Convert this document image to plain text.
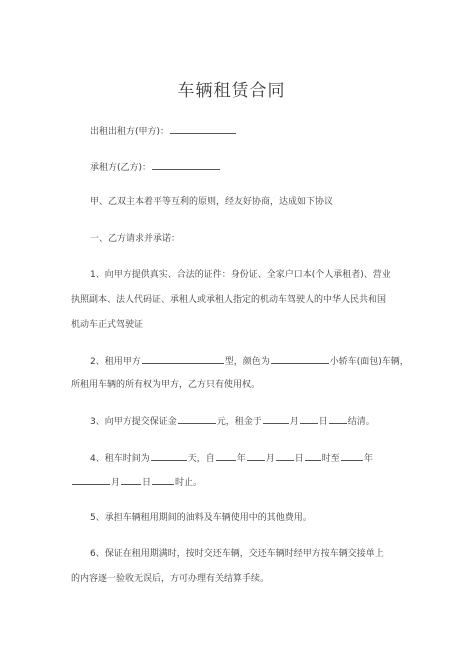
车辆租赁合同
出租出租方(甲方)：
承租方(乙方)：
甲、乙双主本着平等互利的原则，经友好协商，达成如下协议
一、乙方请求并承诺：
1、向甲方提供真实、合法的证件：身份证、全家户口本(个人承租者)、营业
执照副本、法人代码证、承租人或承租人指定的机动车驾驶人的中华人民共和国
机动车正式驾驶证
2、租用甲方	型，颜色为	小轿车(面包)车辆，
所租用车辆的所有权为甲方，乙方只有使用权。
3、向甲方提交保证金	元，租金于	月 日 结清。
4、租车时间为	天，自 年 月 日 时至	年
月 日	时止。
5、承担车辆租用期间的油料及车辆使用中的其他费用。
6、保证在租用期满时，按时交还车辆，交还车辆时经甲方按车辆交接单上
的内容逐一验收无误后，方可办理有关结算手续。
